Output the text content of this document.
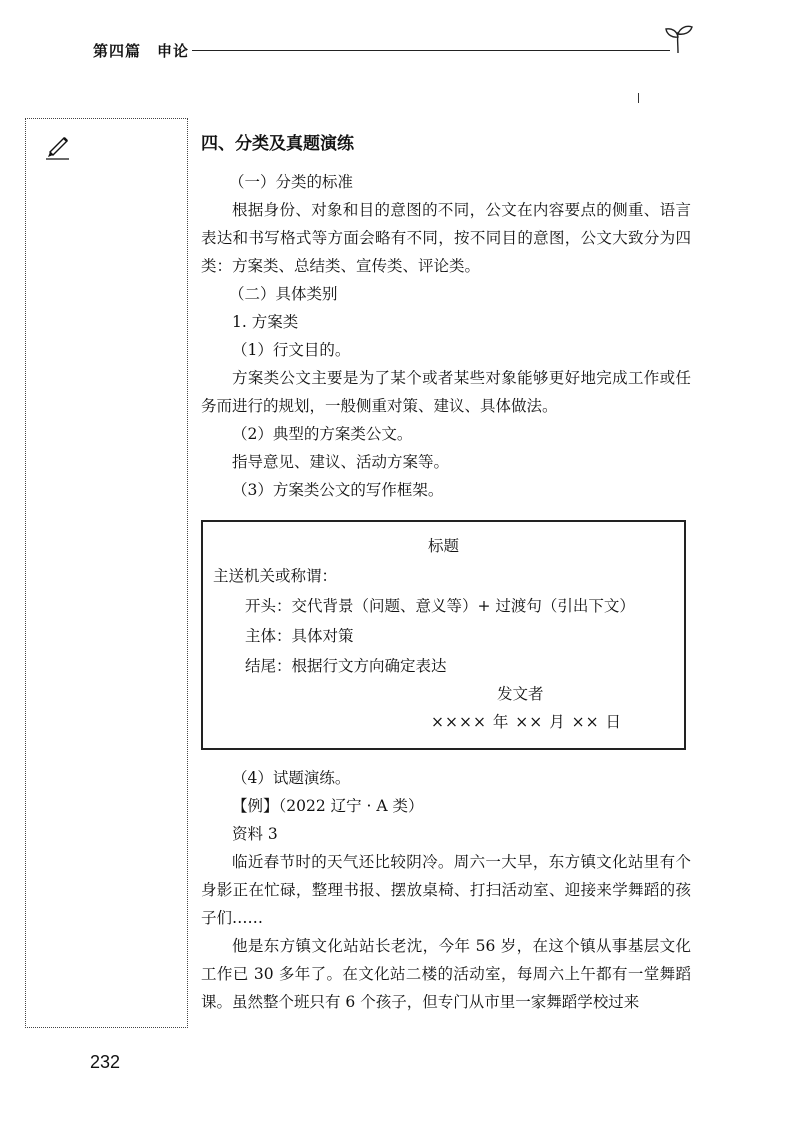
第四篇　申论
四、分类及真题演练
（一）分类的标准
根据身份、对象和目的意图的不同，公文在内容要点的侧重、语言表达和书写格式等方面会略有不同，按不同目的意图，公文大致分为四类：方案类、总结类、宣传类、评论类。
（二）具体类别
1. 方案类
（1）行文目的。
方案类公文主要是为了某个或者某些对象能够更好地完成工作或任务而进行的规划，一般侧重对策、建议、具体做法。
（2）典型的方案类公文。
指导意见、建议、活动方案等。
（3）方案类公文的写作框架。
标题
主送机关或称谓：
开头：交代背景（问题、意义等）+ 过渡句（引出下文）
主体：具体对策
结尾：根据行文方向确定表达
发文者
×××× 年 ×× 月 ×× 日
（4）试题演练。
【例】（2022 辽宁 · A 类）
资料 3
临近春节时的天气还比较阴冷。周六一大早，东方镇文化站里有个身影正在忙碌，整理书报、摆放桌椅、打扫活动室、迎接来学舞蹈的孩子们……
他是东方镇文化站站长老沈，今年 56 岁，在这个镇从事基层文化工作已 30 多年了。在文化站二楼的活动室，每周六上午都有一堂舞蹈课。虽然整个班只有 6 个孩子，但专门从市里一家舞蹈学校过来
232
